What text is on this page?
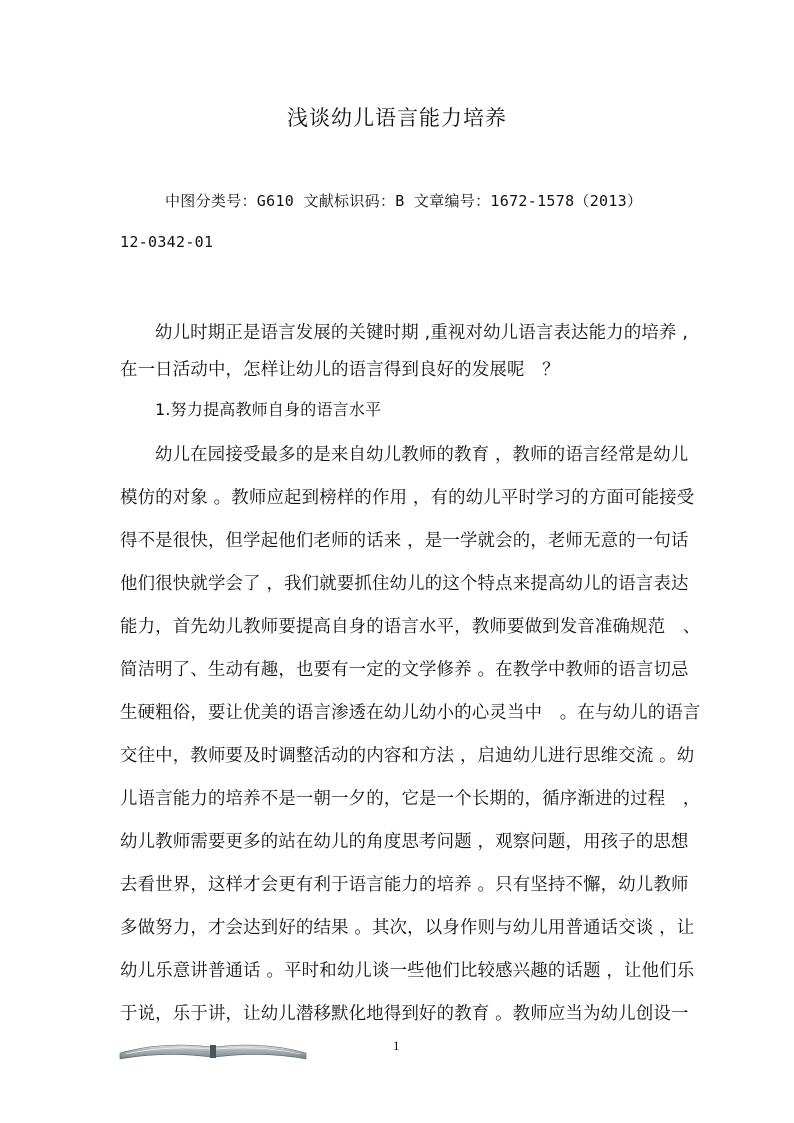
浅谈幼儿语言能力培养
中图分类号：G610 文献标识码：B 文章编号：1672-1578（2013）
12-0342-01
幼儿时期正是语言发展的关键时期 ,重视对幼儿语言表达能力的培养 ,
在一日活动中，怎样让幼儿的语言得到良好的发展呢　？
1.努力提高教师自身的语言水平
幼儿在园接受最多的是来自幼儿教师的教育 ，教师的语言经常是幼儿
模仿的对象 。教师应起到榜样的作用 ，有的幼儿平时学习的方面可能接受
得不是很快，但学起他们老师的话来 ，是一学就会的，老师无意的一句话
他们很快就学会了 ，我们就要抓住幼儿的这个特点来提高幼儿的语言表达
能力，首先幼儿教师要提高自身的语言水平，教师要做到发音准确规范　、
简洁明了、生动有趣，也要有一定的文学修养 。在教学中教师的语言切忌
生硬粗俗，要让优美的语言渗透在幼儿幼小的心灵当中　。在与幼儿的语言
交往中，教师要及时调整活动的内容和方法 ，启迪幼儿进行思维交流 。幼
儿语言能力的培养不是一朝一夕的，它是一个长期的，循序渐进的过程　，
幼儿教师需要更多的站在幼儿的角度思考问题 ，观察问题，用孩子的思想
去看世界，这样才会更有利于语言能力的培养 。只有坚持不懈，幼儿教师
多做努力，才会达到好的结果 。其次，以身作则与幼儿用普通话交谈 ，让
幼儿乐意讲普通话 。平时和幼儿谈一些他们比较感兴趣的话题 ，让他们乐
于说，乐于讲，让幼儿潜移默化地得到好的教育 。教师应当为幼儿创设一
1
